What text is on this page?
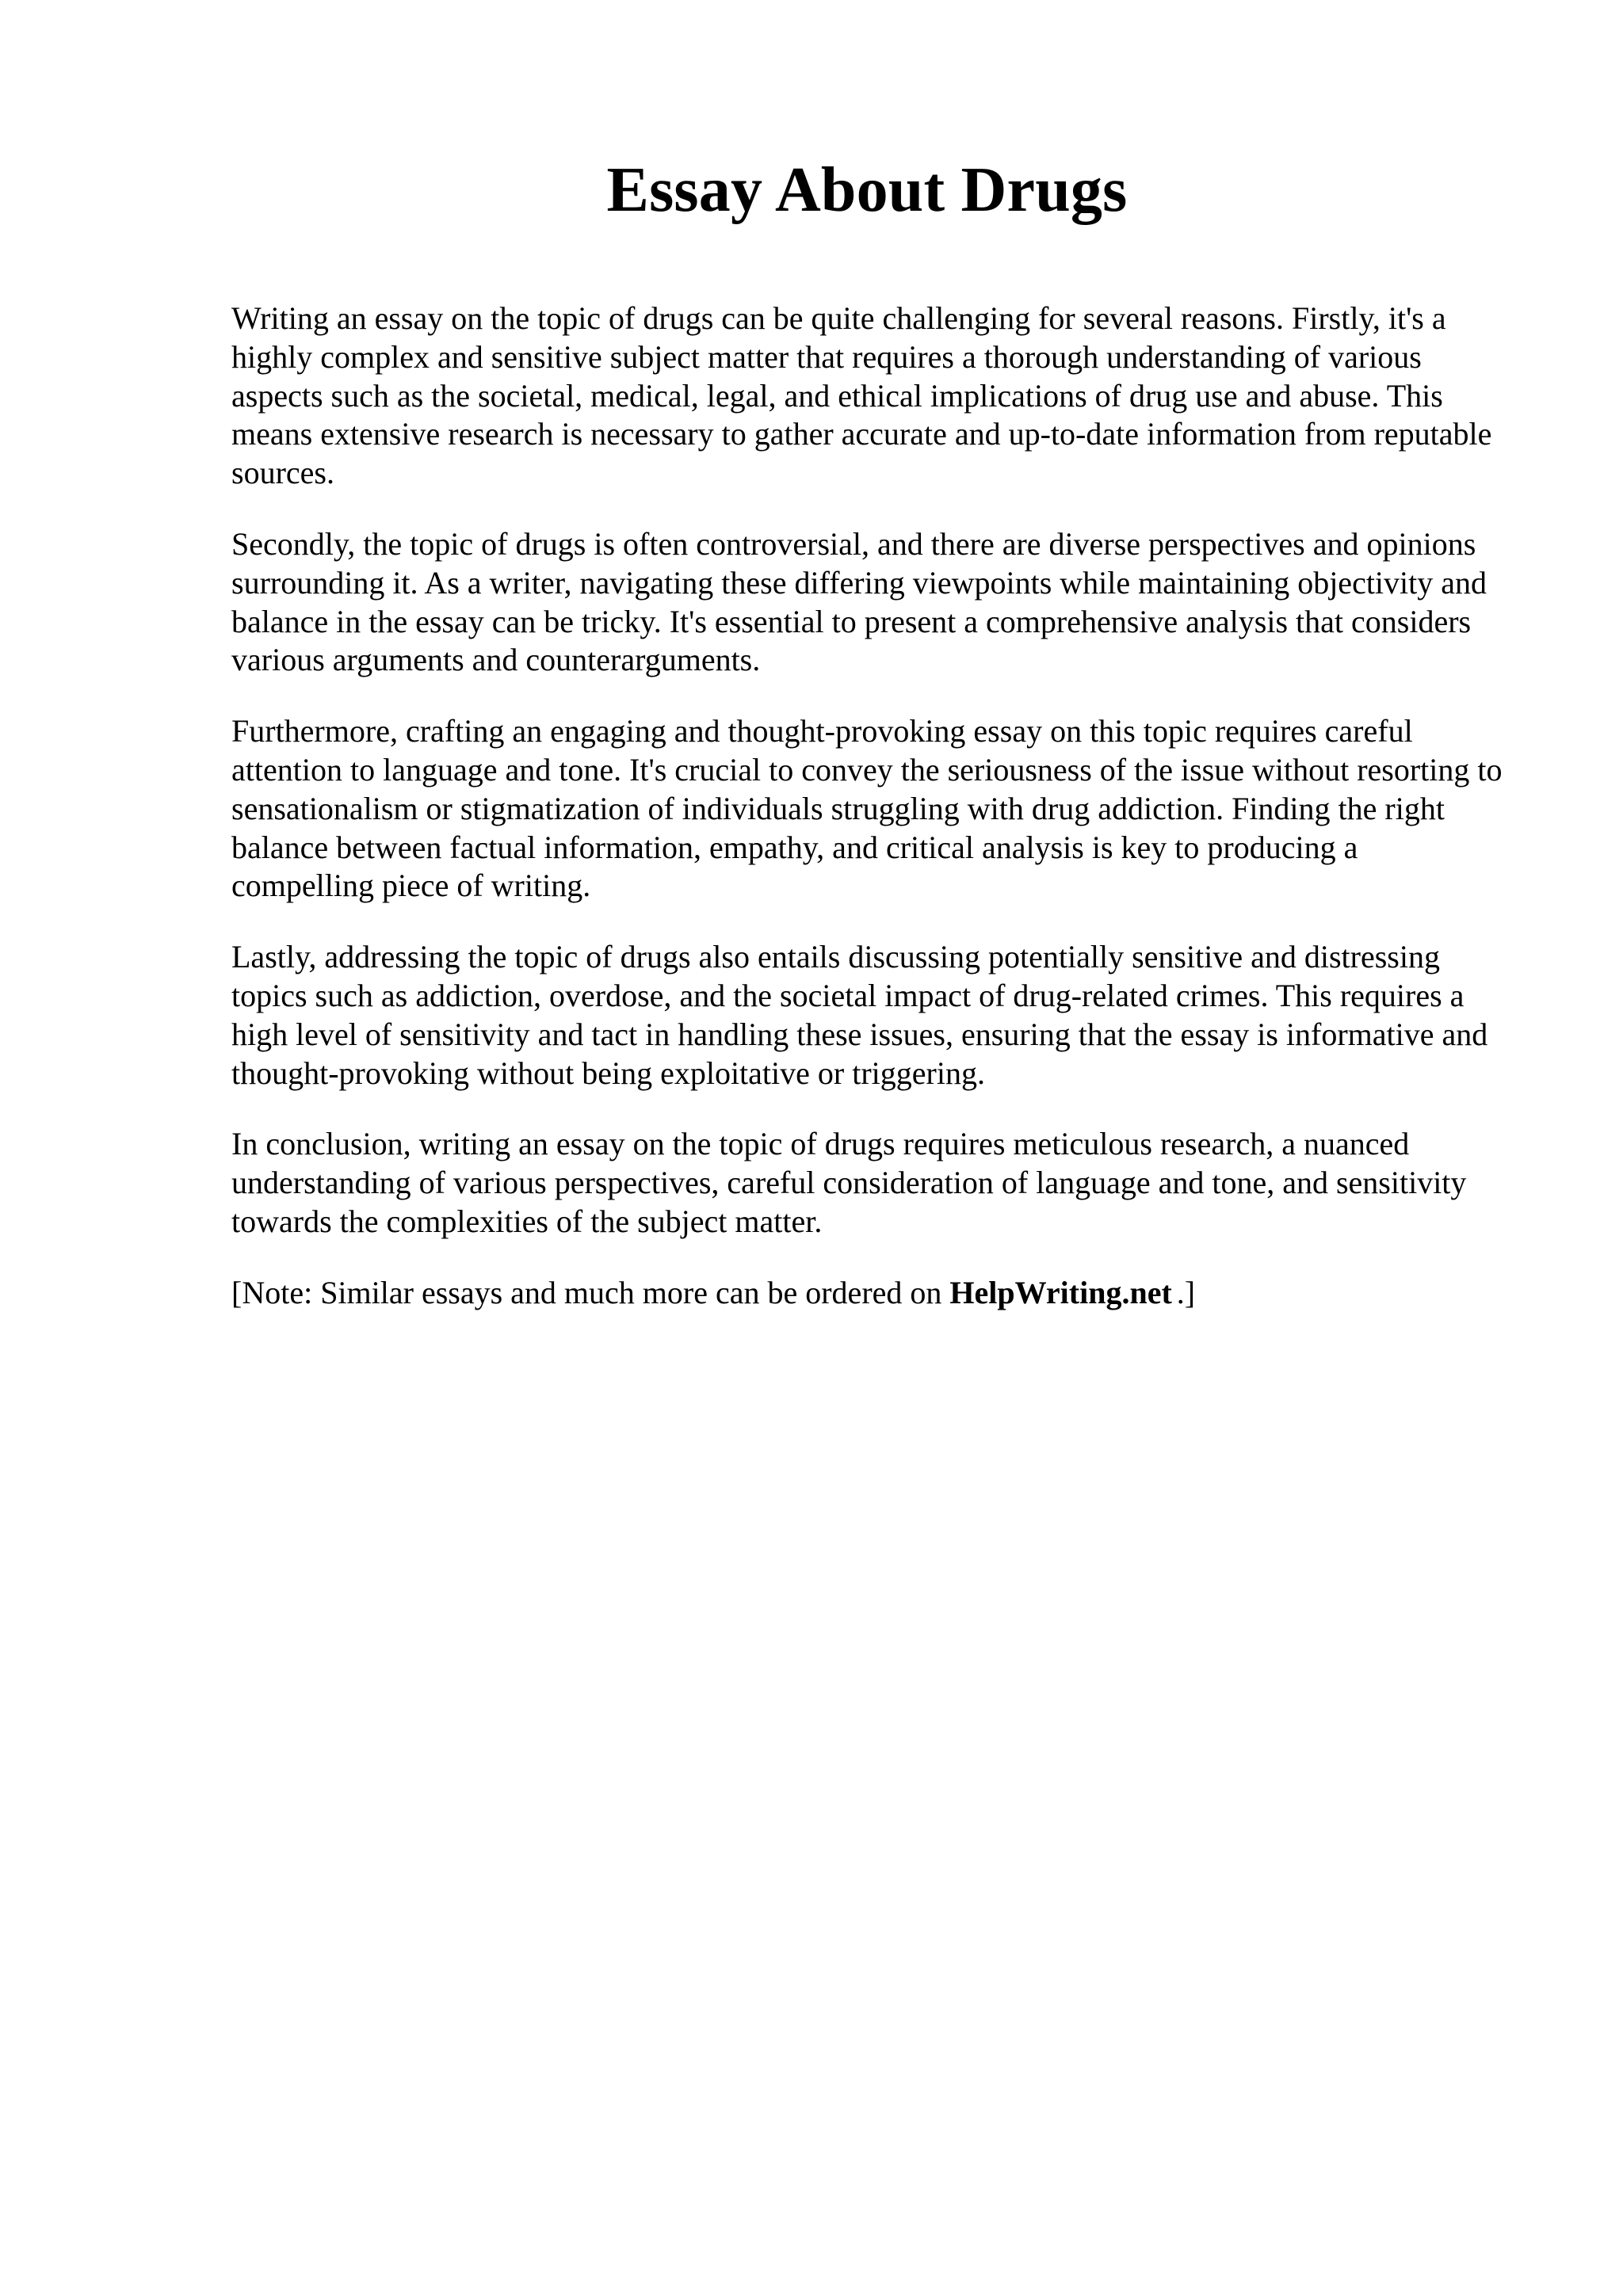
Essay About Drugs

Writing an essay on the topic of drugs can be quite challenging for several reasons. Firstly, it's a highly complex and sensitive subject matter that requires a thorough understanding of various aspects such as the societal, medical, legal, and ethical implications of drug use and abuse. This means extensive research is necessary to gather accurate and up-to-date information from reputable sources.

Secondly, the topic of drugs is often controversial, and there are diverse perspectives and opinions surrounding it. As a writer, navigating these differing viewpoints while maintaining objectivity and balance in the essay can be tricky. It's essential to present a comprehensive analysis that considers various arguments and counterarguments.

Furthermore, crafting an engaging and thought-provoking essay on this topic requires careful attention to language and tone. It's crucial to convey the seriousness of the issue without resorting to sensationalism or stigmatization of individuals struggling with drug addiction. Finding the right balance between factual information, empathy, and critical analysis is key to producing a compelling piece of writing.

Lastly, addressing the topic of drugs also entails discussing potentially sensitive and distressing topics such as addiction, overdose, and the societal impact of drug-related crimes. This requires a high level of sensitivity and tact in handling these issues, ensuring that the essay is informative and thought-provoking without being exploitative or triggering.

In conclusion, writing an essay on the topic of drugs requires meticulous research, a nuanced understanding of various perspectives, careful consideration of language and tone, and sensitivity towards the complexities of the subject matter.

[Note: Similar essays and much more can be ordered on HelpWriting.net .]
